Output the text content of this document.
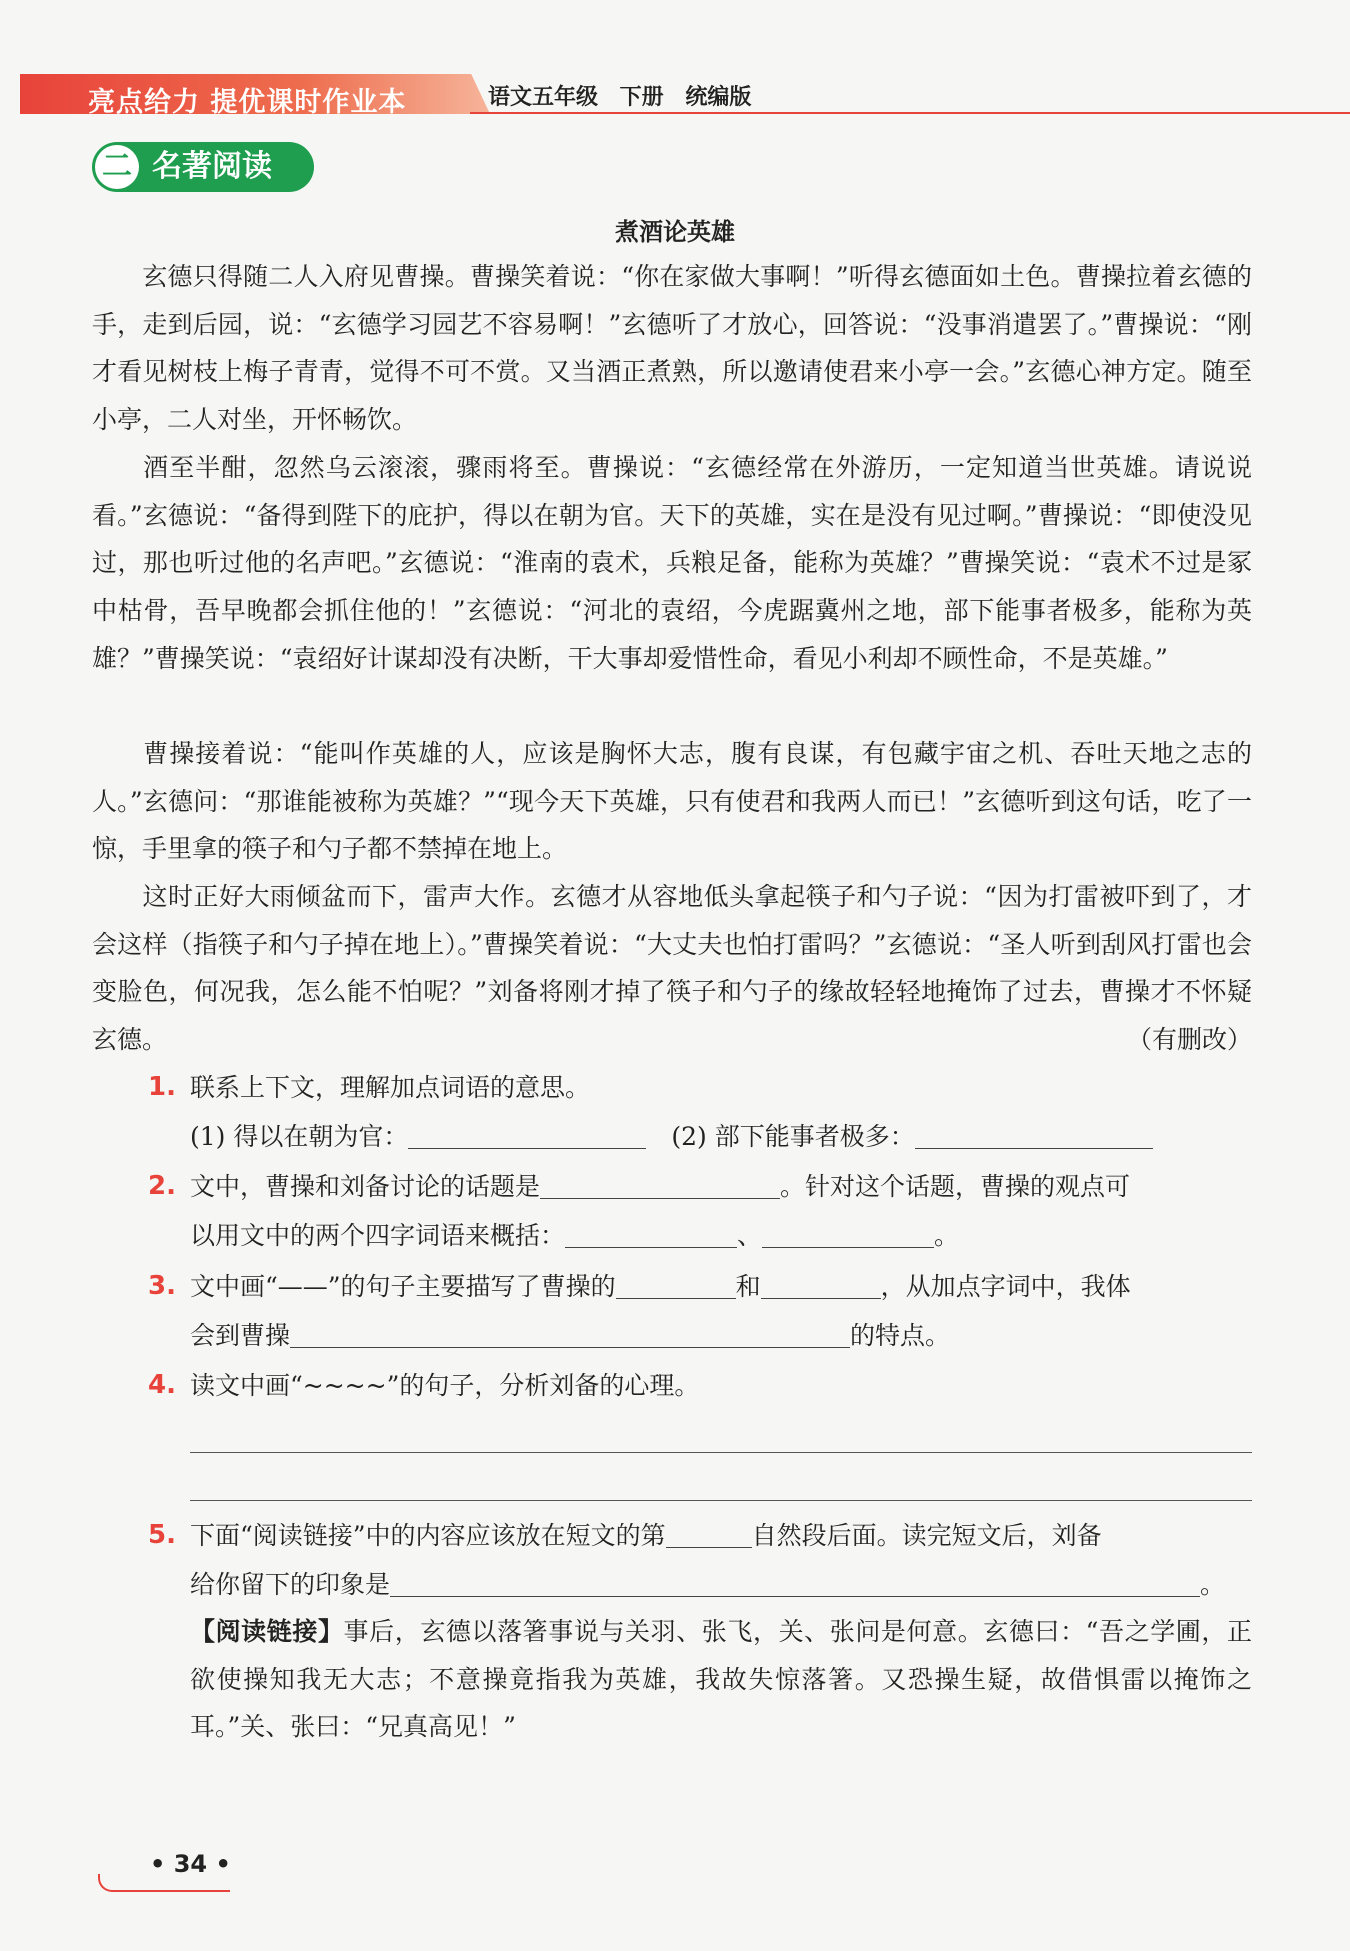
亮点给力 提优课时作业本	语文五年级 下册 统编版
二 名著阅读
煮酒论英雄
  玄德只得随二人入府见曹操。曹操笑着说：“你在家做大事啊！”听得玄德面如土色。曹操拉着玄德的手，走到后园，说：“玄德学习园艺不容易啊！”玄德听了才放心，回答说：“没事消遣罢了。”曹操说：“刚才看见树枝上梅子青青，觉得不可不赏。又当酒正煮熟，所以邀请使君来小亭一会。”玄德心神方定。随至小亭，二人对坐，开怀畅饮。
  酒至半酣，忽然乌云滚滚，骤雨将至。曹操说：“玄德经常在外游历，一定知道当世英雄。请说说看。”玄德说：“备得到陛下的庇护，得以在朝为官。天下的英雄，实在是没有见过啊。”曹操说：“即使没见过，那也听过他的名声吧。”玄德说：“淮南的袁术，兵粮足备，能称为英雄？”曹操笑说：“袁术不过是冢中枯骨，吾早晚都会抓住他的！”玄德说：“河北的袁绍，今虎踞冀州之地，部下能事者极多，能称为英雄？”曹操笑说：“袁绍好计谋却没有决断，干大事却爱惜性命，看见小利却不顾性命，不是英雄。”
  曹操接着说：“能叫作英雄的人，应该是胸怀大志，腹有良谋，有包藏宇宙之机、吞吐天地之志的人。”玄德问：“那谁能被称为英雄？”“现今天下英雄，只有使君和我两人而已！”玄德听到这句话，吃了一惊，手里拿的筷子和勺子都不禁掉在地上。
  这时正好大雨倾盆而下，雷声大作。玄德才从容地低头拿起筷子和勺子说：“因为打雷被吓到了，才会这样（指筷子和勺子掉在地上）。”曹操笑着说：“大丈夫也怕打雷吗？”玄德说：“圣人听到刮风打雷也会变脸色，何况我，怎么能不怕呢？”刘备将刚才掉了筷子和勺子的缘故轻轻地掩饰了过去，曹操才不怀疑玄德。	（有删改）
1. 联系上下文，理解加点词语的意思。
(1) 得以在朝为官： 	(2) 部下能事者极多：
2. 文中，曹操和刘备讨论的话题是	。针对这个话题，曹操的观点可
以用文中的两个四字词语来概括：	、	。
3. 文中画“——”的句子主要描写了曹操的	和	，从加点字词中，我体
会到曹操	的特点。
4. 读文中画“~~~~”的句子，分析刘备的心理。
5. 下面“阅读链接”中的内容应该放在短文的第	自然段后面。读完短文后，刘备
给你留下的印象是	。
【阅读链接】事后，玄德以落箸事说与关羽、张飞，关、张问是何意。玄德曰：“吾之学圃，正欲使操知我无大志；不意操竟指我为英雄，我故失惊落箸。又恐操生疑，故借惧雷以掩饰之耳。”关、张曰：“兄真高见！”
• 34 •
